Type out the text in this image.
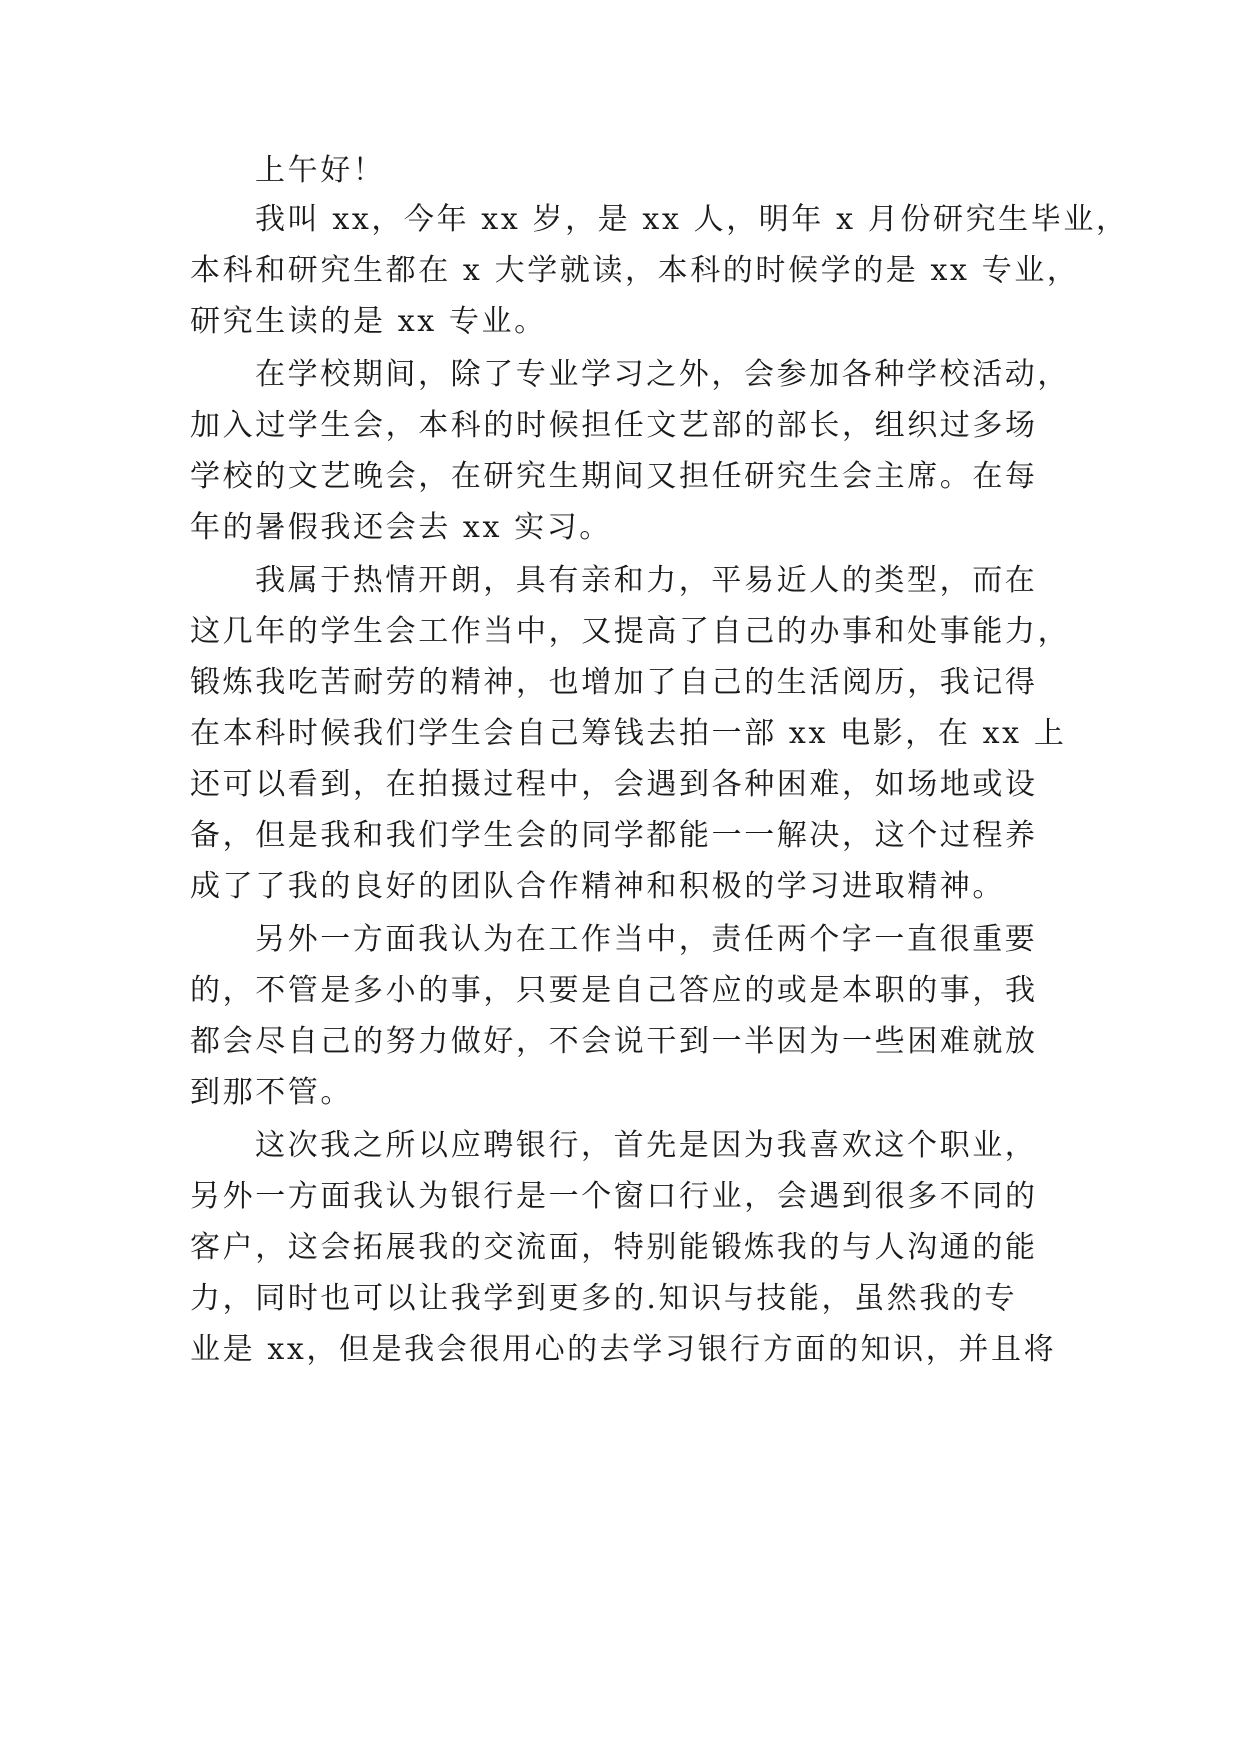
上午好！
我叫 xx，今年 xx 岁，是 xx 人，明年 x 月份研究生毕业，
本科和研究生都在 x 大学就读，本科的时候学的是 xx 专业，
研究生读的是 xx 专业。
在学校期间，除了专业学习之外，会参加各种学校活动，
加入过学生会，本科的时候担任文艺部的部长，组织过多场
学校的文艺晚会，在研究生期间又担任研究生会主席。在每
年的暑假我还会去 xx 实习。
我属于热情开朗，具有亲和力，平易近人的类型，而在
这几年的学生会工作当中，又提高了自己的办事和处事能力，
锻炼我吃苦耐劳的精神，也增加了自己的生活阅历，我记得
在本科时候我们学生会自己筹钱去拍一部 xx 电影，在 xx 上
还可以看到，在拍摄过程中，会遇到各种困难，如场地或设
备，但是我和我们学生会的同学都能一一解决，这个过程养
成了了我的良好的团队合作精神和积极的学习进取精神。
另外一方面我认为在工作当中，责任两个字一直很重要
的，不管是多小的事，只要是自己答应的或是本职的事，我
都会尽自己的努力做好，不会说干到一半因为一些困难就放
到那不管。
这次我之所以应聘银行，首先是因为我喜欢这个职业，
另外一方面我认为银行是一个窗口行业，会遇到很多不同的
客户，这会拓展我的交流面，特别能锻炼我的与人沟通的能
力，同时也可以让我学到更多的.知识与技能，虽然我的专
业是 xx，但是我会很用心的去学习银行方面的知识，并且将
